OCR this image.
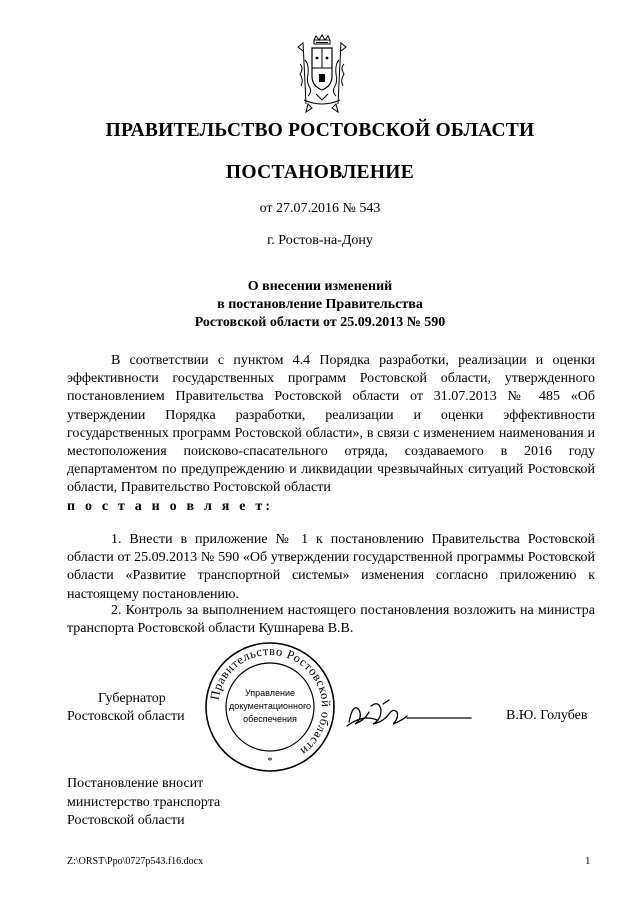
ПРАВИТЕЛЬСТВО РОСТОВСКОЙ ОБЛАСТИ
ПОСТАНОВЛЕНИЕ
от 27.07.2016 № 543
г. Ростов-на-Дону
О внесении изменений
в постановление Правительства
Ростовской области от 25.09.2013 № 590

В соответствии с пунктом 4.4 Порядка разработки, реализации и оценки эффективности государственных программ Ростовской области, утвержденного постановлением Правительства Ростовской области от 31.07.2013 № 485 «Об утверждении Порядка разработки, реализации и оценки эффективности государственных программ Ростовской области», в связи с изменением наименования и местоположения поисково-спасательного отряда, создаваемого в 2016 году департаментом по предупреждению и ликвидации чрезвычайных ситуаций Ростовской области, Правительство Ростовской области

п о с т а н о в л я е т:

1. Внести в приложение № 1 к постановлению Правительства Ростовской области от 25.09.2013 № 590 «Об утверждении государственной программы Ростовской области «Развитие транспортной системы» изменения согласно приложению к настоящему постановлению.

2. Контроль за выполнением настоящего постановления возложить на министра транспорта Ростовской области Кушнарева В.В.

Губернатор
Ростовской области
Правительство Ростовской области
Управление
документационного
обеспечения
*
В.Ю. Голубев
Постановление вносит
министерство транспорта
Ростовской области
Z:\ORST\Ppo\0727p543.f16.docx	1
